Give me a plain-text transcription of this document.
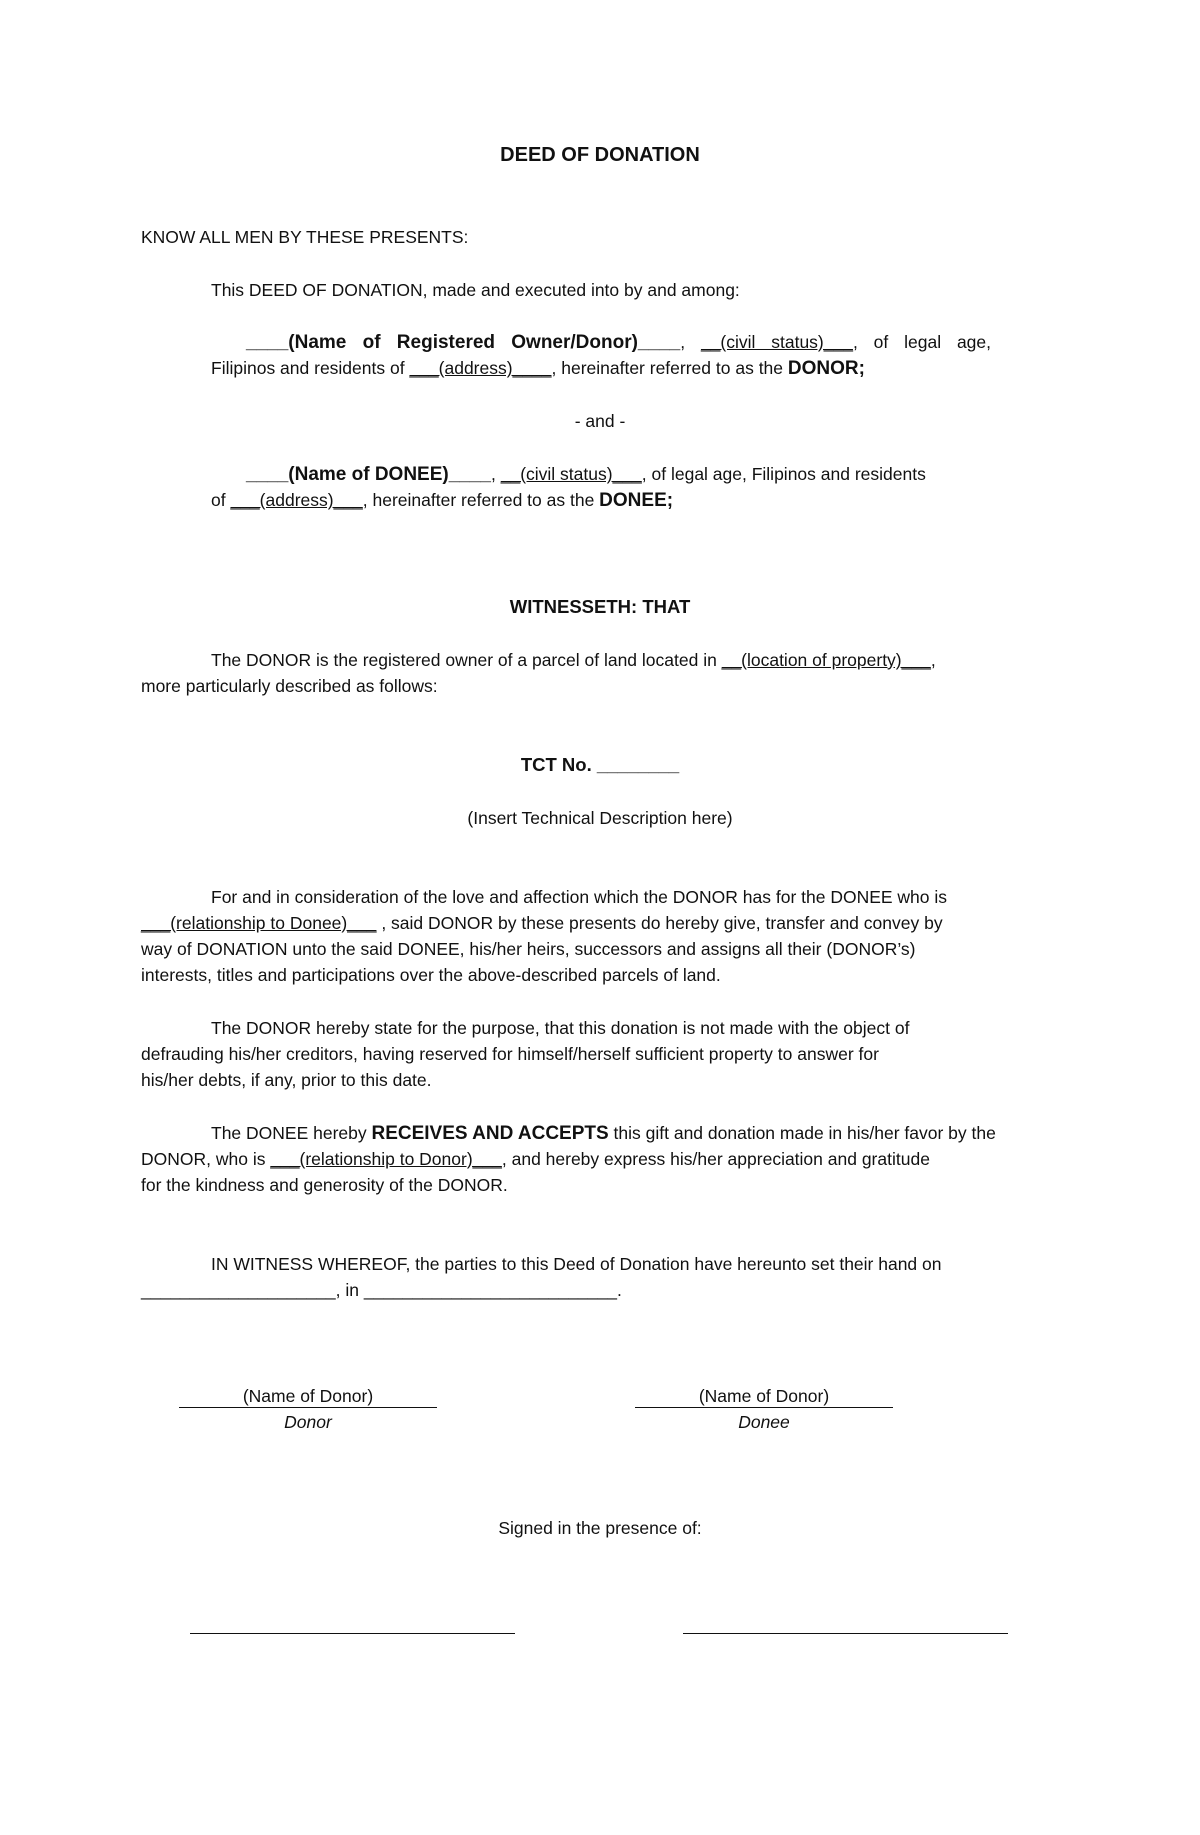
DEED OF DONATION
KNOW ALL MEN BY THESE PRESENTS:
This DEED OF DONATION, made and executed into by and among:
____(Name of Registered Owner/Donor)____, __(civil status)___, of legal age,
Filipinos and residents of ___(address)____, hereinafter referred to as the DONOR;
- and -
____(Name of DONEE)____, __(civil status)___, of legal age, Filipinos and residents
of ___(address)___, hereinafter referred to as the DONEE;
WITNESSETH: THAT
The DONOR is the registered owner of a parcel of land located in __(location of property)___,
more particularly described as follows:
TCT No. ________
(Insert Technical Description here)
For and in consideration of the love and affection which the DONOR has for the DONEE who is
___(relationship to Donee)___ , said DONOR by these presents do hereby give, transfer and convey by
way of DONATION unto the said DONEE, his/her heirs, successors and assigns all their (DONOR’s)
interests, titles and participations over the above-described parcels of land.
The DONOR hereby state for the purpose, that this donation is not made with the object of
defrauding his/her creditors, having reserved for himself/herself sufficient property to answer for
his/her debts, if any, prior to this date.
The DONEE hereby RECEIVES AND ACCEPTS this gift and donation made in his/her favor by the
DONOR, who is ___(relationship to Donor)___, and hereby express his/her appreciation and gratitude
for the kindness and generosity of the DONOR.
IN WITNESS WHEREOF, the parties to this Deed of Donation have hereunto set their hand on
____________________, in __________________________.
(Name of Donor)
Donor
(Name of Donor)
Donee
Signed in the presence of:
